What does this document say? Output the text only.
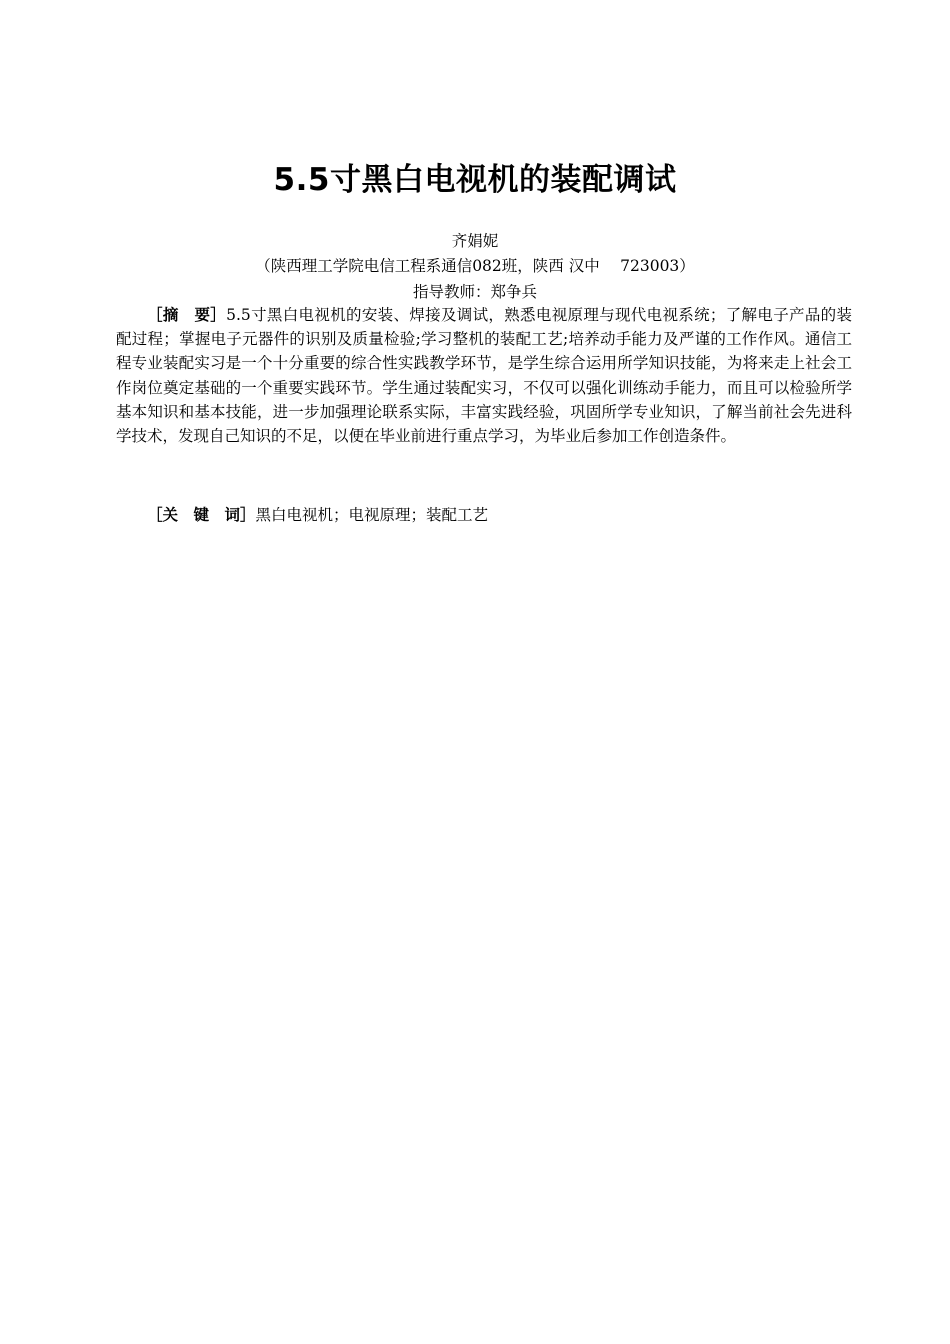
5.5寸黑白电视机的装配调试
齐娟妮
（陕西理工学院电信工程系通信082班，陕西 汉中　 723003）
指导教师：郑争兵
［摘　要］5.5寸黑白电视机的安装、焊接及调试，熟悉电视原理与现代电视系统；了解电子产品的装配过程；掌握电子元器件的识别及质量检验;学习整机的装配工艺;培养动手能力及严谨的工作作风。通信工程专业装配实习是一个十分重要的综合性实践教学环节，是学生综合运用所学知识技能，为将来走上社会工作岗位奠定基础的一个重要实践环节。学生通过装配实习，不仅可以强化训练动手能力，而且可以检验所学基本知识和基本技能，进一步加强理论联系实际，丰富实践经验，巩固所学专业知识，了解当前社会先进科学技术，发现自己知识的不足，以便在毕业前进行重点学习，为毕业后参加工作创造条件。
［关　键　词］黑白电视机；电视原理；装配工艺
